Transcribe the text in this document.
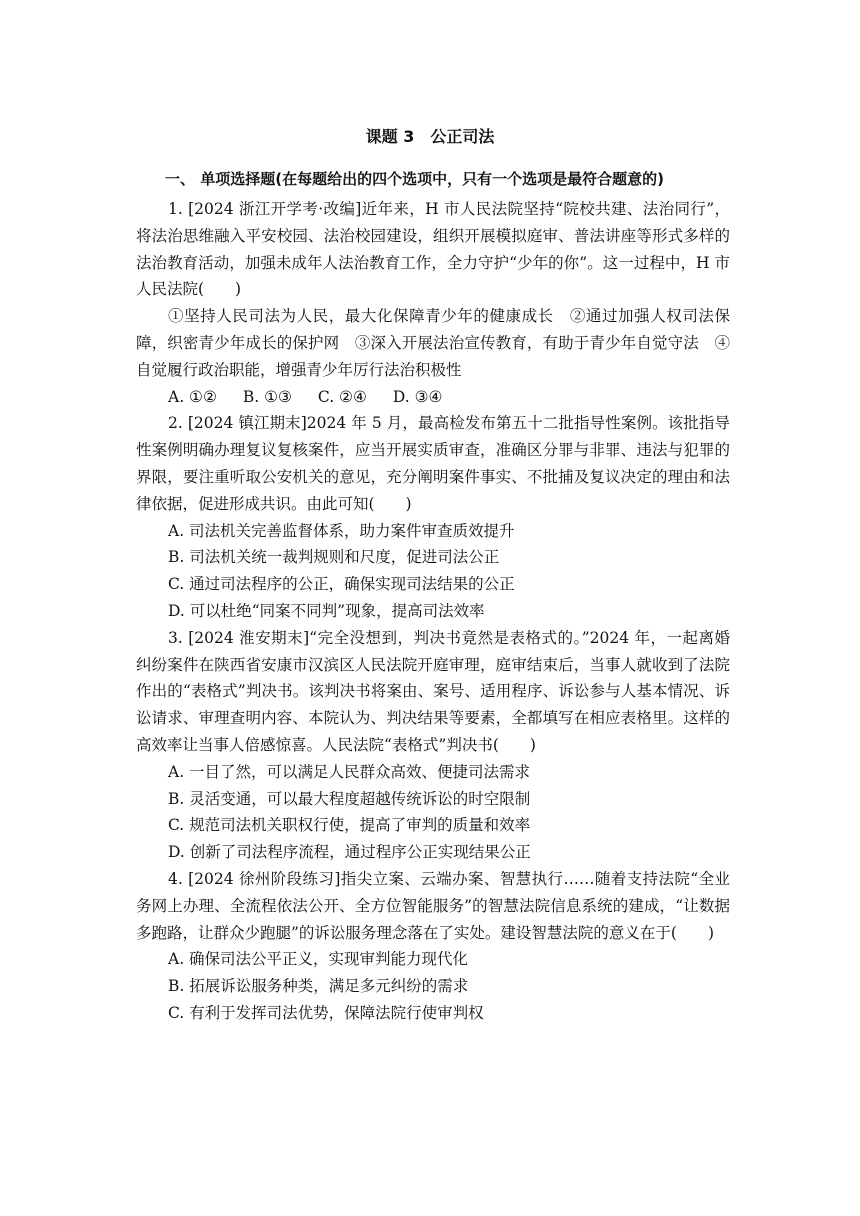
课题 3　公正司法
一、 单项选择题(在每题给出的四个选项中，只有一个选项是最符合题意的)

1. [2024 浙江开学考·改编]近年来，H 市人民法院坚持“院校共建、法治同行”，将法治思维融入平安校园、法治校园建设，组织开展模拟庭审、普法讲座等形式多样的法治教育活动，加强未成年人法治教育工作，全力守护“少年的你”。这一过程中，H 市人民法院(　　)

①坚持人民司法为人民，最大化保障青少年的健康成长　②通过加强人权司法保障，织密青少年成长的保护网　③深入开展法治宣传教育，有助于青少年自觉守法　④自觉履行政治职能，增强青少年厉行法治积极性

A. ①② B. ①③ C. ②④ D. ③④

2. [2024 镇江期末]2024 年 5 月，最高检发布第五十二批指导性案例。该批指导性案例明确办理复议复核案件，应当开展实质审查，准确区分罪与非罪、违法与犯罪的界限，要注重听取公安机关的意见，充分阐明案件事实、不批捕及复议决定的理由和法律依据，促进形成共识。由此可知(　　)

A. 司法机关完善监督体系，助力案件审查质效提升

B. 司法机关统一裁判规则和尺度，促进司法公正

C. 通过司法程序的公正，确保实现司法结果的公正

D. 可以杜绝“同案不同判”现象，提高司法效率

3. [2024 淮安期末]“完全没想到，判决书竟然是表格式的。”2024 年，一起离婚纠纷案件在陕西省安康市汉滨区人民法院开庭审理，庭审结束后，当事人就收到了法院作出的“表格式”判决书。该判决书将案由、案号、适用程序、诉讼参与人基本情况、诉讼请求、审理查明内容、本院认为、判决结果等要素，全都填写在相应表格里。这样的高效率让当事人倍感惊喜。人民法院“表格式”判决书(　　)

A. 一目了然，可以满足人民群众高效、便捷司法需求

B. 灵活变通，可以最大程度超越传统诉讼的时空限制

C. 规范司法机关职权行使，提高了审判的质量和效率

D. 创新了司法程序流程，通过程序公正实现结果公正

4. [2024 徐州阶段练习]指尖立案、云端办案、智慧执行……随着支持法院“全业务网上办理、全流程依法公开、全方位智能服务”的智慧法院信息系统的建成，“让数据多跑路，让群众少跑腿”的诉讼服务理念落在了实处。建设智慧法院的意义在于(　　)

A. 确保司法公平正义，实现审判能力现代化

B. 拓展诉讼服务种类，满足多元纠纷的需求

C. 有利于发挥司法优势，保障法院行使审判权
